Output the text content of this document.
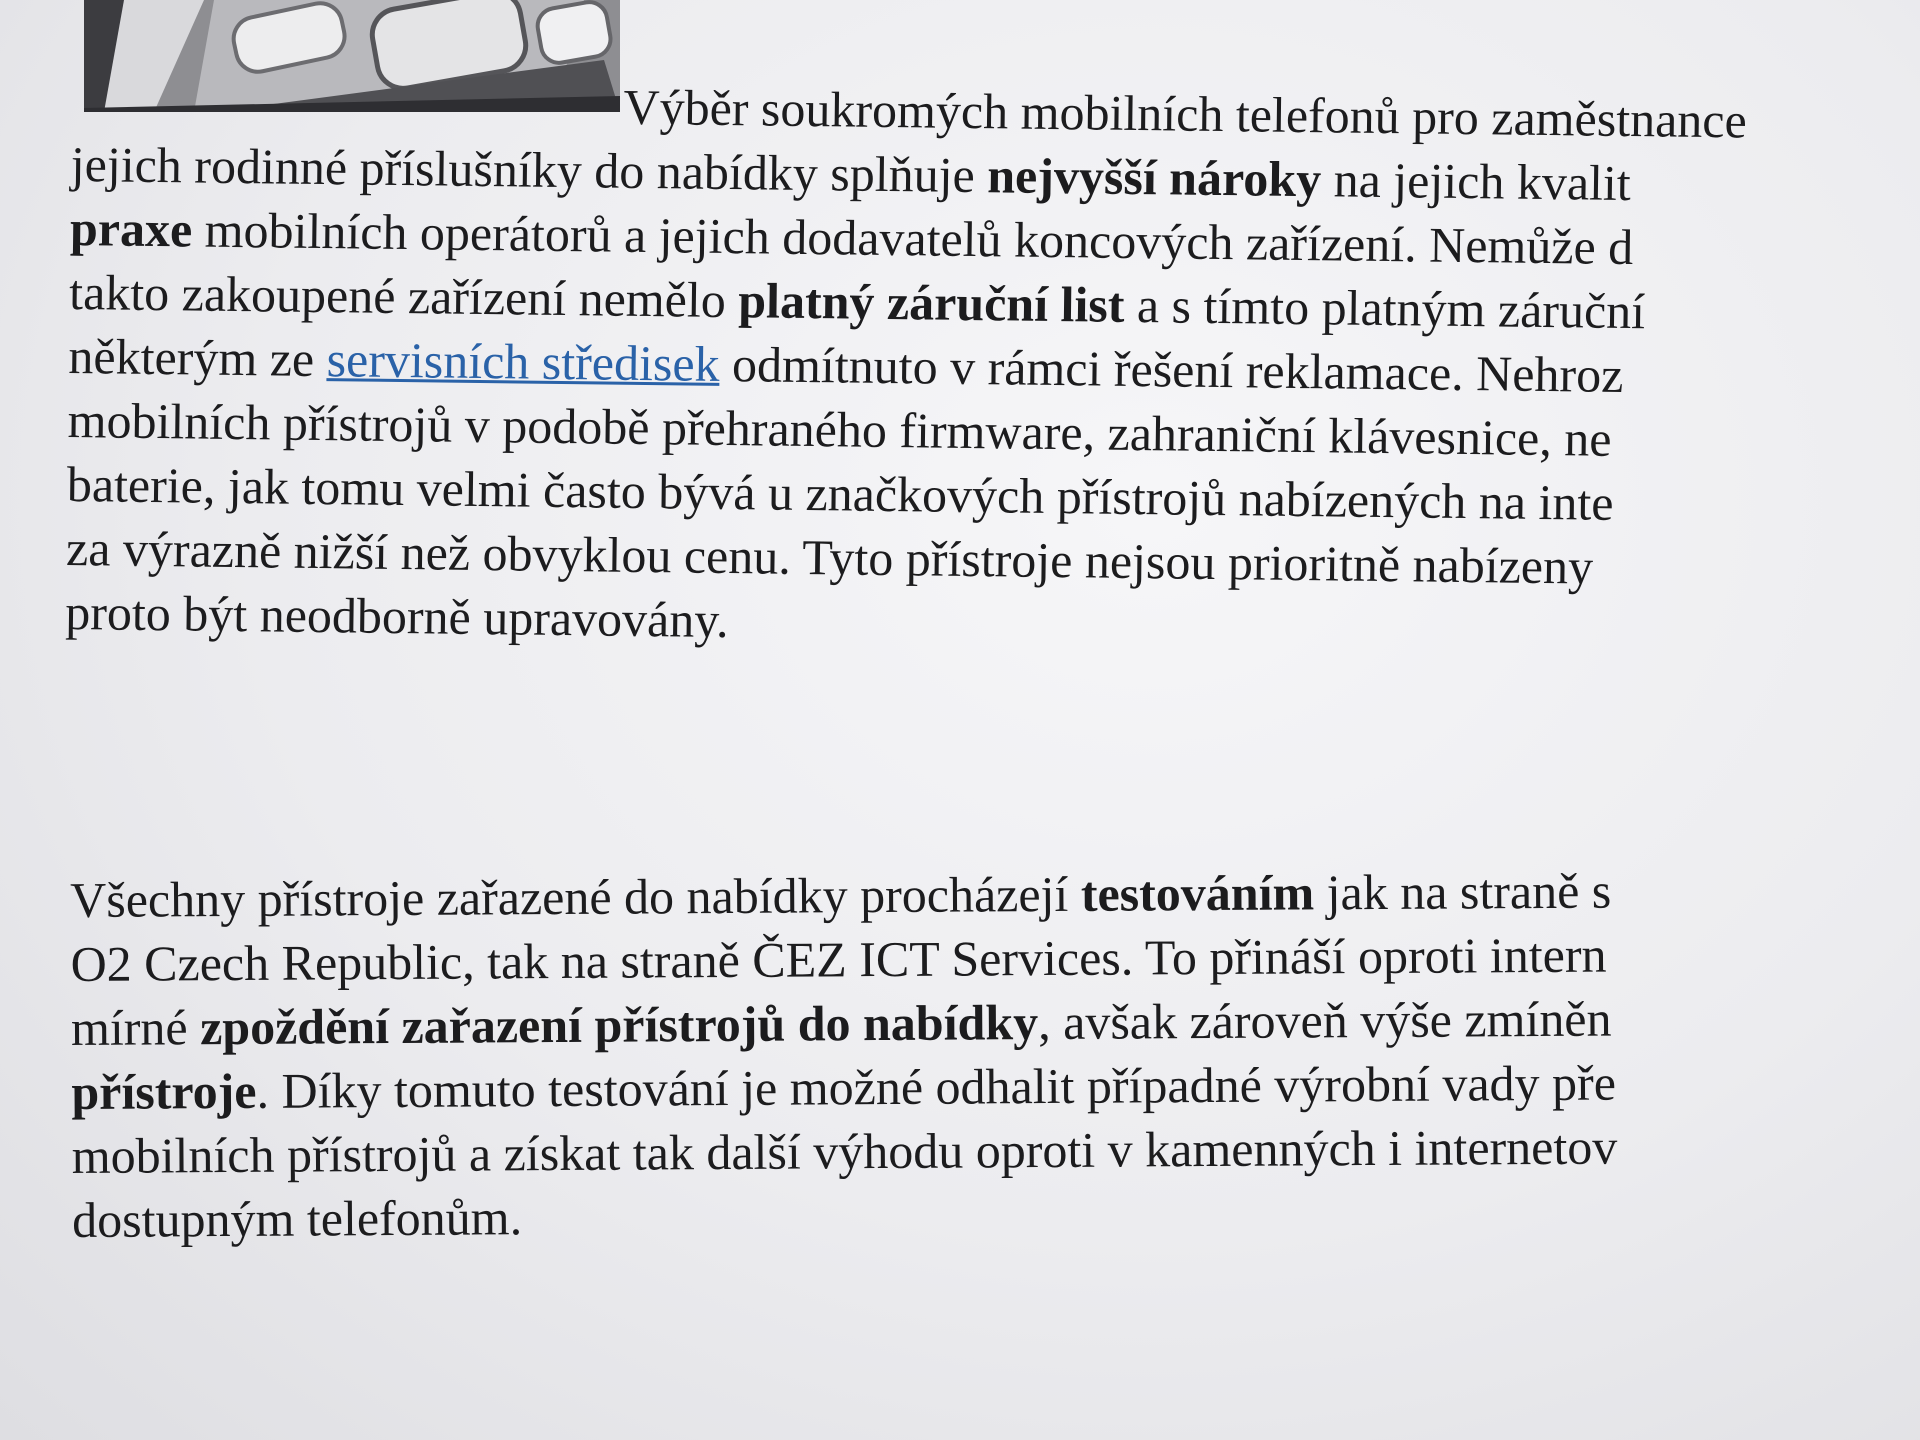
Výběr soukromých mobilních telefonů pro zaměstnance
jejich rodinné příslušníky do nabídky splňuje nejvyšší nároky na jejich kvalit
praxe mobilních operátorů a jejich dodavatelů koncových zařízení. Nemůže d
takto zakoupené zařízení nemělo platný záruční list a s tímto platným záruční
některým ze servisních středisek odmítnuto v rámci řešení reklamace. Nehroz
mobilních přístrojů v podobě přehraného firmware, zahraniční klávesnice, ne
baterie, jak tomu velmi často bývá u značkových přístrojů nabízených na inte
za výrazně nižší než obvyklou cenu. Tyto přístroje nejsou prioritně nabízeny
proto být neodborně upravovány.
Všechny přístroje zařazené do nabídky procházejí testováním jak na straně s
O2 Czech Republic, tak na straně ČEZ ICT Services. To přináší oproti intern
mírné zpoždění zařazení přístrojů do nabídky, avšak zároveň výše zmíněn
přístroje. Díky tomuto testování je možné odhalit případné výrobní vady pře
mobilních přístrojů a získat tak další výhodu oproti v kamenných i internetov
dostupným telefonům.
